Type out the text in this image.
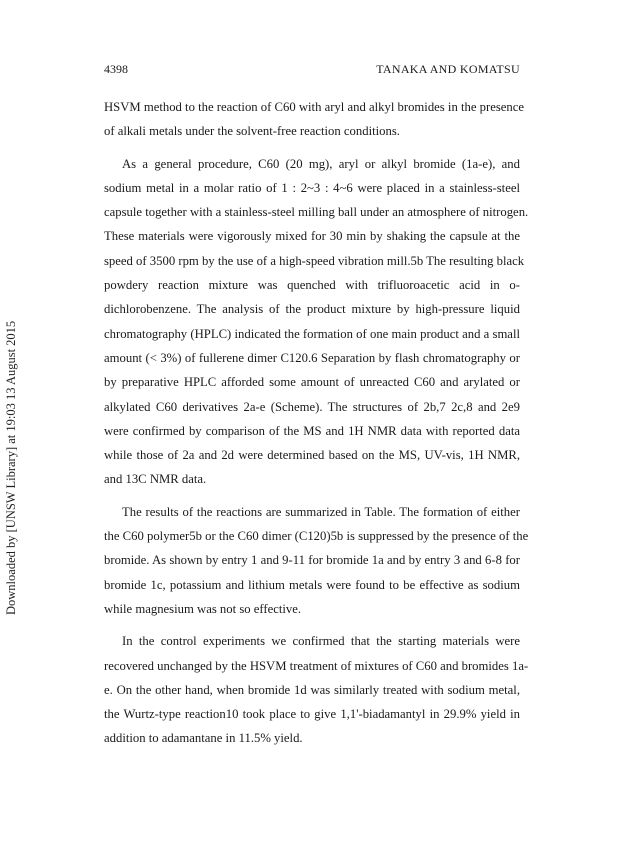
4398	TANAKA AND KOMATSU
Downloaded by [UNSW Library] at 19:03 13 August 2015

HSVM method to the reaction of C60 with aryl and alkyl bromides in the presence
of alkali metals under the solvent-free reaction conditions.

As a general procedure, C60 (20 mg), aryl or alkyl bromide (1a-e), and
sodium metal in a molar ratio of 1 : 2~3 : 4~6 were placed in a stainless-steel
capsule together with a stainless-steel milling ball under an atmosphere of nitrogen.
These materials were vigorously mixed for 30 min by shaking the capsule at the
speed of 3500 rpm by the use of a high-speed vibration mill.5b The resulting black
powdery reaction mixture was quenched with trifluoroacetic acid in o-
dichlorobenzene. The analysis of the product mixture by high-pressure liquid
chromatography (HPLC) indicated the formation of one main product and a small
amount (< 3%) of fullerene dimer C120.6 Separation by flash chromatography or
by preparative HPLC afforded some amount of unreacted C60 and arylated or
alkylated C60 derivatives 2a-e (Scheme). The structures of 2b,7 2c,8 and 2e9
were confirmed by comparison of the MS and 1H NMR data with reported data
while those of 2a and 2d were determined based on the MS, UV-vis, 1H NMR,
and 13C NMR data.

The results of the reactions are summarized in Table. The formation of either
the C60 polymer5b or the C60 dimer (C120)5b is suppressed by the presence of the
bromide. As shown by entry 1 and 9-11 for bromide 1a and by entry 3 and 6-8 for
bromide 1c, potassium and lithium metals were found to be effective as sodium
while magnesium was not so effective.

In the control experiments we confirmed that the starting materials were
recovered unchanged by the HSVM treatment of mixtures of C60 and bromides 1a-
e. On the other hand, when bromide 1d was similarly treated with sodium metal,
the Wurtz-type reaction10 took place to give 1,1'-biadamantyl in 29.9% yield in
addition to adamantane in 11.5% yield.
